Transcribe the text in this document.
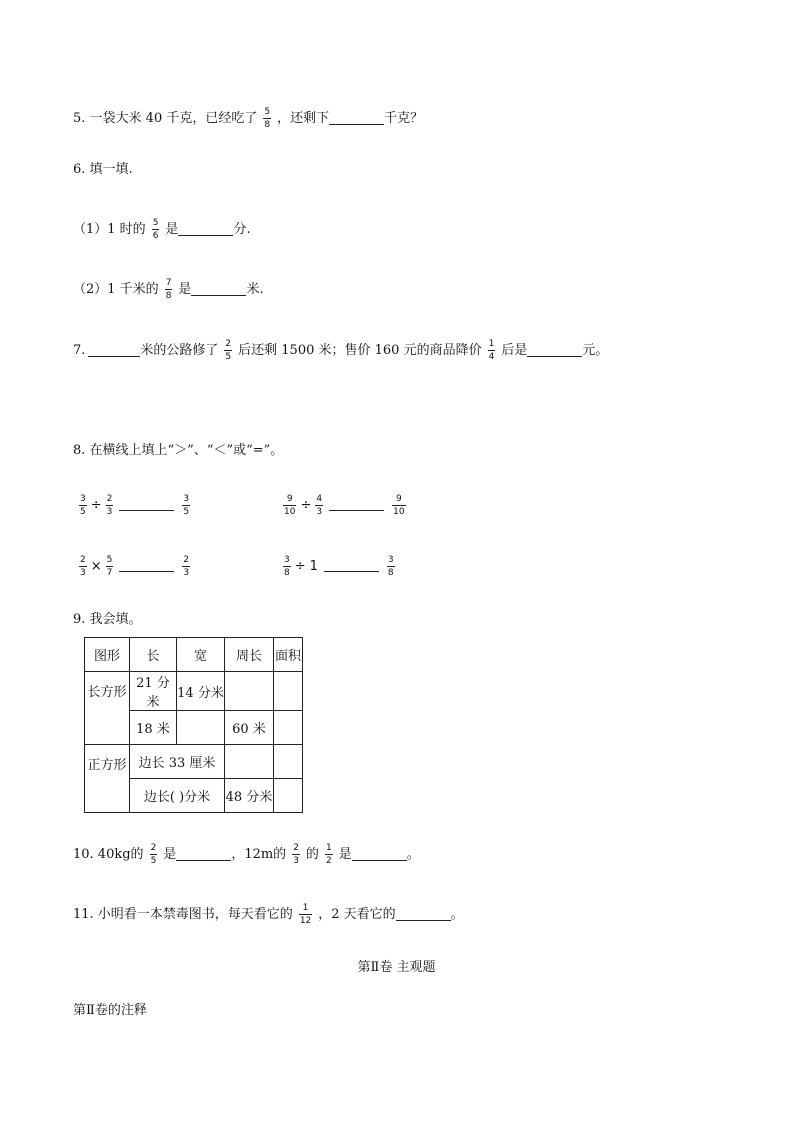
5. 一袋大米 40 千克，已经吃了 $\frac{5}{8}$ ，还剩下	千克？
6. 填一填.
（1）1 时的 $\frac{5}{6}$ 是	分.
（2）1 千米的 $\frac{7}{8}$ 是	米.
7.	米的公路修了 $\frac{2}{5}$ 后还剩 1500 米；售价 160 元的商品降价 $\frac{1}{4}$ 后是	元。
8. 在横线上填上“＞”、“＜”或“=”。
$\frac{3}{5} \div \frac{2}{3}$	$\frac{3}{5}$	$\frac{9}{10} \div \frac{4}{3}$	$\frac{9}{10}$
$\frac{2}{3} \times \frac{5}{7}$	$\frac{2}{3}$	$\frac{3}{8} \div 1$	$\frac{3}{8}$
9. 我会填。
图形	长	宽	周长	面积
长方形	21 分米	14 分米		
	18 米		60 米	
正方形	边长 33 厘米			
	边长( )分米		48 分米	
10. 40kg的 $\frac{2}{5}$ 是	，12m的 $\frac{2}{3}$ 的 $\frac{1}{2}$ 是	。
11. 小明看一本禁毒图书，每天看它的 $\frac{1}{12}$ ，2 天看它的	。
第Ⅱ卷 主观题
第Ⅱ卷的注释
